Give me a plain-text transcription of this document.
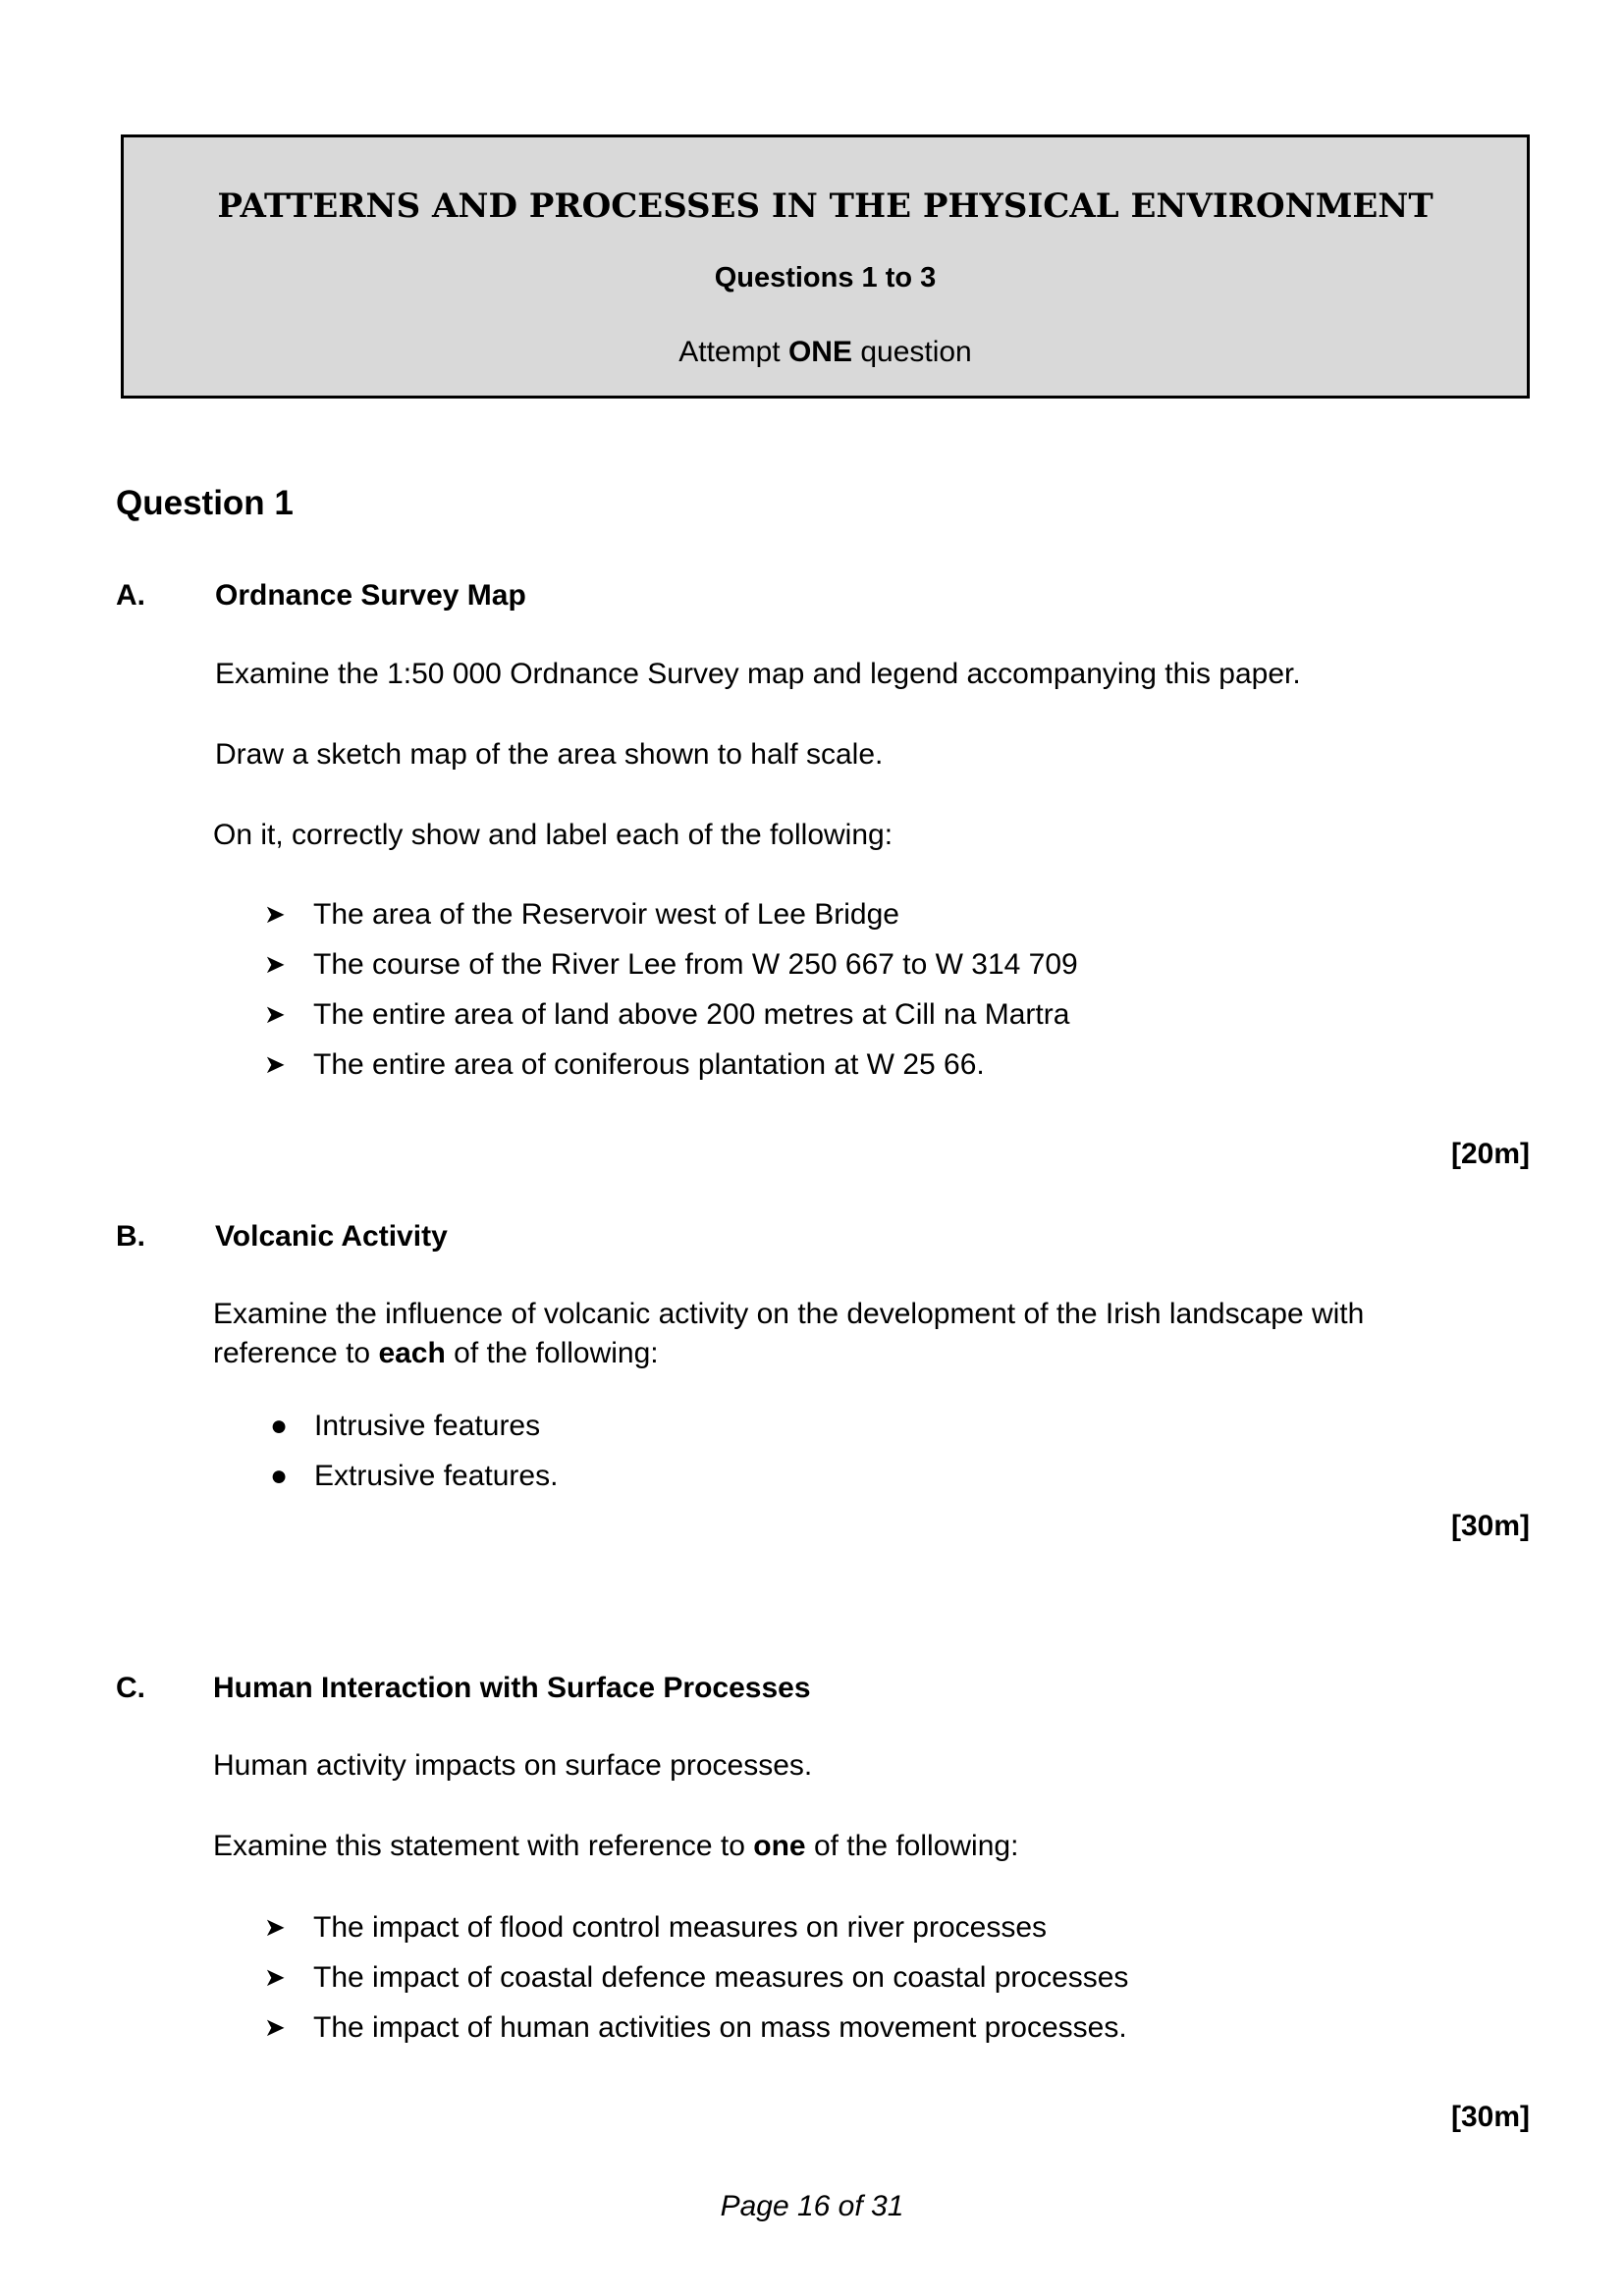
PATTERNS AND PROCESSES IN THE PHYSICAL ENVIRONMENT
Questions 1 to 3
Attempt ONE question
Question 1
A. Ordnance Survey Map
Examine the 1:50 000 Ordnance Survey map and legend accompanying this paper.
Draw a sketch map of the area shown to half scale.
On it, correctly show and label each of the following:
➤ The area of the Reservoir west of Lee Bridge
➤ The course of the River Lee from W 250 667 to W 314 709
➤ The entire area of land above 200 metres at Cill na Martra
➤ The entire area of coniferous plantation at W 25 66.
[20m]
B. Volcanic Activity
Examine the influence of volcanic activity on the development of the Irish landscape with
reference to each of the following:
● Intrusive features
● Extrusive features.
[30m]
C. Human Interaction with Surface Processes
Human activity impacts on surface processes.
Examine this statement with reference to one of the following:
➤ The impact of flood control measures on river processes
➤ The impact of coastal defence measures on coastal processes
➤ The impact of human activities on mass movement processes.
[30m]
Page 16 of 31
